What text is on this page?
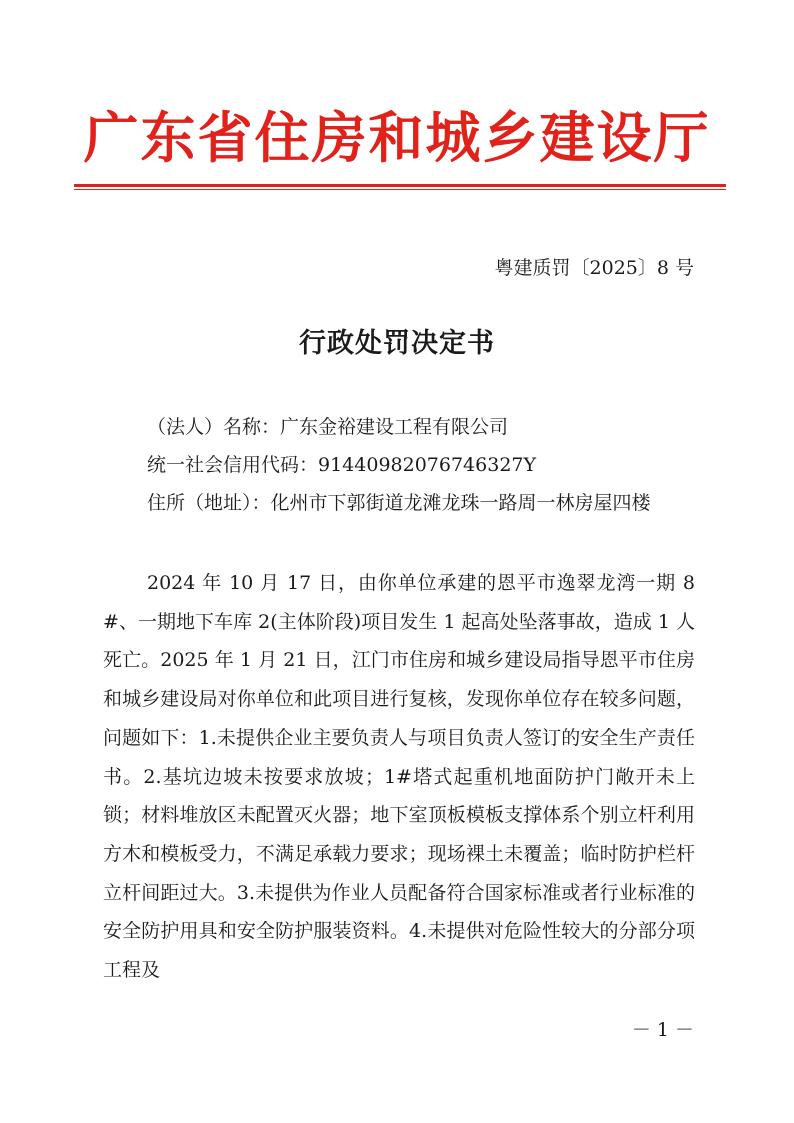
广东省住房和城乡建设厅
粤建质罚〔2025〕8 号
行政处罚决定书
（法人）名称：广东金裕建设工程有限公司
统一社会信用代码：91440982076746327Y
住所（地址）：化州市下郭街道龙滩龙珠一路周一林房屋四楼
2024 年 10 月 17 日，由你单位承建的恩平市逸翠龙湾一期 8#、一期地下车库 2(主体阶段)项目发生 1 起高处坠落事故，造成 1 人死亡。2025 年 1 月 21 日，江门市住房和城乡建设局指导恩平市住房和城乡建设局对你单位和此项目进行复核，发现你单位存在较多问题，问题如下：1.未提供企业主要负责人与项目负责人签订的安全生产责任书。2.基坑边坡未按要求放坡；1#塔式起重机地面防护门敞开未上锁；材料堆放区未配置灭火器；地下室顶板模板支撑体系个别立杆利用方木和模板受力，不满足承载力要求；现场裸土未覆盖；临时防护栏杆立杆间距过大。3.未提供为作业人员配备符合国家标准或者行业标准的安全防护用具和安全防护服装资料。4.未提供对危险性较大的分部分项工程及
－ 1 －
